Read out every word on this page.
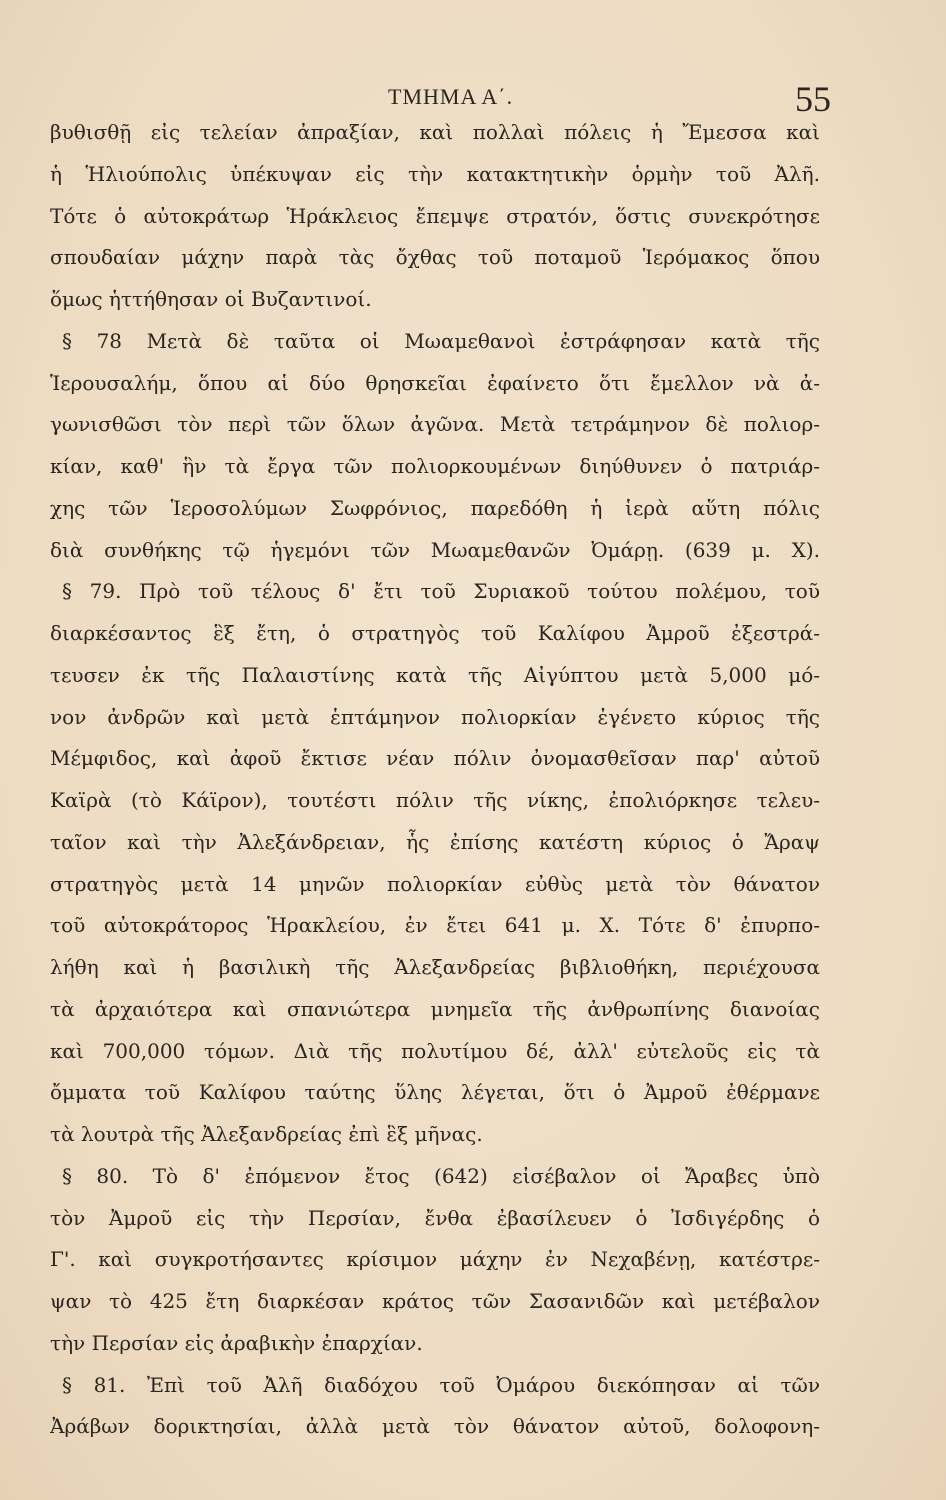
ΤΜΗΜΑ Α΄.	55
βυθισθῇ εἰς τελείαν ἀπραξίαν, καὶ πολλαὶ πόλεις ἡ Ἔμεσσα καὶ
ἡ Ἡλιούπολις ὑπέκυψαν εἰς τὴν κατακτητικὴν ὁρμὴν τοῦ Ἀλῆ.
Τότε ὁ αὐτοκράτωρ Ἡράκλειος ἔπεμψε στρατόν, ὅστις συνεκρότησε
σπουδαίαν μάχην παρὰ τὰς ὄχθας τοῦ ποταμοῦ Ἱερόμακος ὅπου
ὅμως ἡττήθησαν οἱ Βυζαντινοί.
§ 78 Μετὰ δὲ ταῦτα οἱ Μωαμεθανοὶ ἐστράφησαν κατὰ τῆς
Ἱερουσαλήμ, ὅπου αἱ δύο θρησκεῖαι ἐφαίνετο ὅτι ἔμελλον νὰ ἀ-
γωνισθῶσι τὸν περὶ τῶν ὅλων ἀγῶνα. Μετὰ τετράμηνον δὲ πολιορ-
κίαν, καθ' ἣν τὰ ἔργα τῶν πολιορκουμένων διηύθυνεν ὁ πατριάρ-
χης τῶν Ἱεροσολύμων Σωφρόνιος, παρεδόθη ἡ ἱερὰ αὕτη πόλις
διὰ συνθήκης τῷ ἡγεμόνι τῶν Μωαμεθανῶν Ὀμάρῃ. (639 μ. Χ).
§ 79. Πρὸ τοῦ τέλους δ' ἔτι τοῦ Συριακοῦ τούτου πολέμου, τοῦ
διαρκέσαντος ἓξ ἔτη, ὁ στρατηγὸς τοῦ Καλίφου Ἀμροῦ ἐξεστρά-
τευσεν ἐκ τῆς Παλαιστίνης κατὰ τῆς Αἰγύπτου μετὰ 5,000 μό-
νον ἀνδρῶν καὶ μετὰ ἑπτάμηνον πολιορκίαν ἐγένετο κύριος τῆς
Μέμφιδος, καὶ ἀφοῦ ἔκτισε νέαν πόλιν ὀνομασθεῖσαν παρ' αὐτοῦ
Καϊρὰ (τὸ Κάϊρον), τουτέστι πόλιν τῆς νίκης, ἐπολιόρκησε τελευ-
ταῖον καὶ τὴν Ἀλεξάνδρειαν, ἧς ἐπίσης κατέστη κύριος ὁ Ἄραψ
στρατηγὸς μετὰ 14 μηνῶν πολιορκίαν εὐθὺς μετὰ τὸν θάνατον
τοῦ αὐτοκράτορος Ἡρακλείου, ἐν ἔτει 641 μ. Χ. Τότε δ' ἐπυρπο-
λήθη καὶ ἡ βασιλικὴ τῆς Ἀλεξανδρείας βιβλιοθήκη, περιέχουσα
τὰ ἀρχαιότερα καὶ σπανιώτερα μνημεῖα τῆς ἀνθρωπίνης διανοίας
καὶ 700,000 τόμων. Διὰ τῆς πολυτίμου δέ, ἀλλ' εὐτελοῦς εἰς τὰ
ὄμματα τοῦ Καλίφου ταύτης ὕλης λέγεται, ὅτι ὁ Ἀμροῦ ἐθέρμανε
τὰ λουτρὰ τῆς Ἀλεξανδρείας ἐπὶ ἓξ μῆνας.
§ 80. Τὸ δ' ἐπόμενον ἔτος (642) εἰσέβαλον οἱ Ἄραβες ὑπὸ
τὸν Ἀμροῦ εἰς τὴν Περσίαν, ἔνθα ἐβασίλευεν ὁ Ἰσδιγέρδης ὁ
Γ'. καὶ συγκροτήσαντες κρίσιμον μάχην ἐν Νεχαβένῃ, κατέστρε-
ψαν τὸ 425 ἔτη διαρκέσαν κράτος τῶν Σασανιδῶν καὶ μετέβαλον
τὴν Περσίαν εἰς ἀραβικὴν ἐπαρχίαν.
§ 81. Ἐπὶ τοῦ Ἀλῆ διαδόχου τοῦ Ὀμάρου διεκόπησαν αἱ τῶν
Ἀράβων δορικτησίαι, ἀλλὰ μετὰ τὸν θάνατον αὐτοῦ, δολοφονη-
